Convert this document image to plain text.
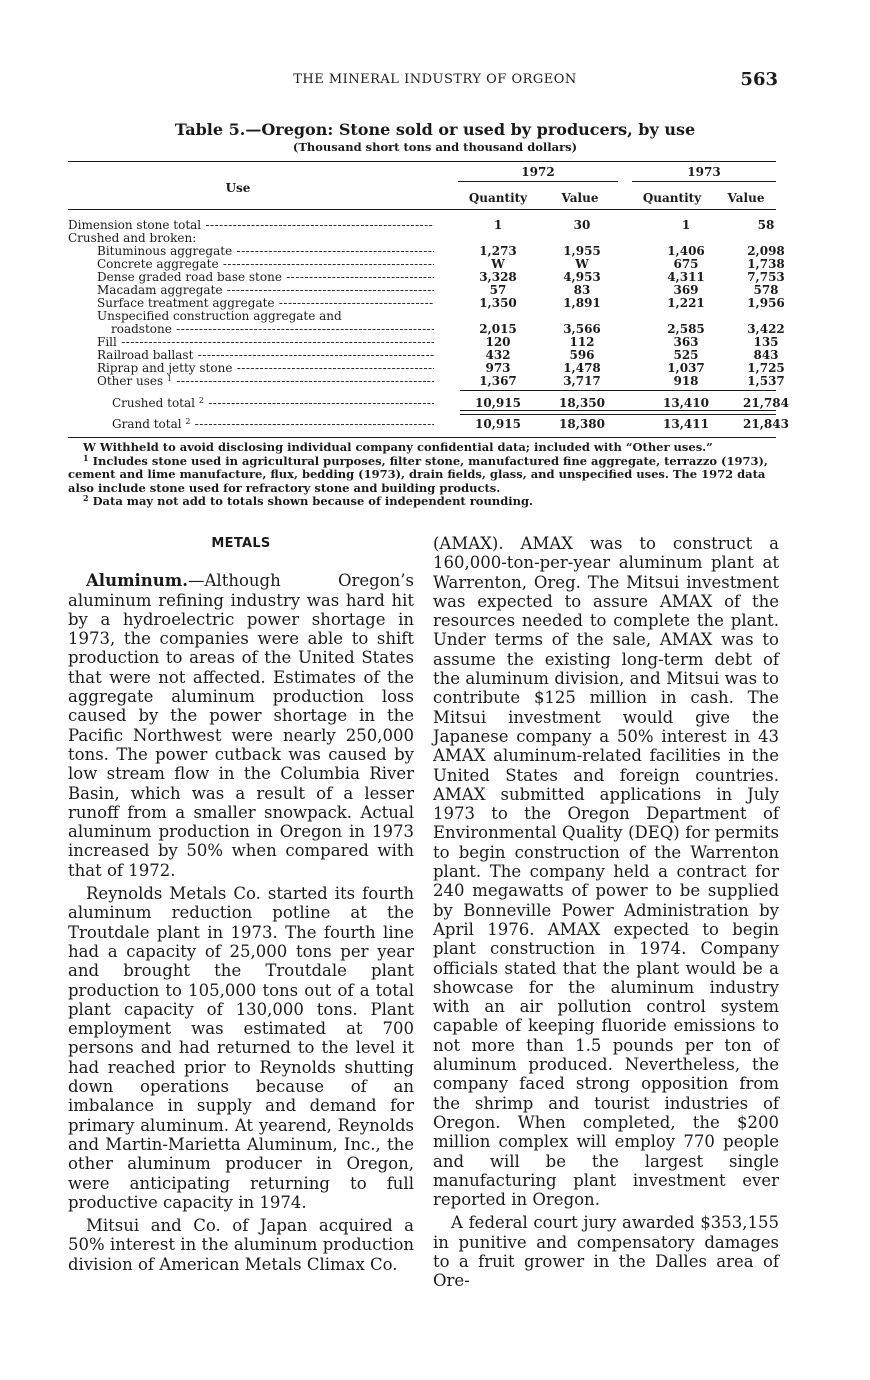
THE MINERAL INDUSTRY OF ORGEON	563
Table 5.—Oregon: Stone sold or used by producers, by use
(Thousand short tons and thousand dollars)
Use
1972	1973
Quantity	Value	Quantity	Value
Dimension stone total -----	1	30	1	58
Crushed and broken:
Bituminous aggregate -----	1,273	1,955	1,406	2,098
Concrete aggregate -----	W	W	675	1,738
Dense graded road base stone -----	3,328	4,953	4,311	7,753
Macadam aggregate -----	57	83	369	578
Surface treatment aggregate -----	1,350	1,891	1,221	1,956
Unspecified construction aggregate and
roadstone -----	2,015	3,566	2,585	3,422
Fill -----	120	112	363	135
Railroad ballast -----	432	596	525	843
Riprap and jetty stone -----	973	1,478	1,037	1,725
Other uses $^1$ -----	1,367	3,717	918	1,537
Crushed total $^2$ -----	10,915	18,350	13,410	21,784
Grand total $^2$ -----	10,915	18,380	13,411	21,843

W Withheld to avoid disclosing individual company confidential data; included with “Other uses.”

$^1$ Includes stone used in agricultural purposes, filter stone, manufactured fine aggregate, terrazzo (1973), cement and lime manufacture, flux, bedding (1973), drain fields, glass, and unspecified uses. The 1972 data also include stone used for refractory stone and building products.

$^2$ Data may not add to totals shown because of independent rounding.

METALS

Aluminum.—Although Oregon’s aluminum refining industry was hard hit by a hydroelectric power shortage in 1973, the companies were able to shift production to areas of the United States that were not affected. Estimates of the aggregate aluminum production loss caused by the power shortage in the Pacific Northwest were nearly 250,000 tons. The power cutback was caused by low stream flow in the Columbia River Basin, which was a result of a lesser runoff from a smaller snowpack. Actual aluminum production in Oregon in 1973 increased by 50% when compared with that of 1972.

Reynolds Metals Co. started its fourth aluminum reduction potline at the Troutdale plant in 1973. The fourth line had a capacity of 25,000 tons per year and brought the Troutdale plant production to 105,000 tons out of a total plant capacity of 130,000 tons. Plant employment was estimated at 700 persons and had returned to the level it had reached prior to Reynolds shutting down operations because of an imbalance in supply and demand for primary aluminum. At yearend, Reynolds and Martin-Marietta Aluminum, Inc., the other aluminum producer in Oregon, were anticipating returning to full productive capacity in 1974.

Mitsui and Co. of Japan acquired a 50% interest in the aluminum production division of American Metals Climax Co.

(AMAX). AMAX was to construct a 160,000-ton-per-year aluminum plant at Warrenton, Oreg. The Mitsui investment was expected to assure AMAX of the resources needed to complete the plant. Under terms of the sale, AMAX was to assume the existing long-term debt of the aluminum division, and Mitsui was to contribute $125 million in cash. The Mitsui investment would give the Japanese company a 50% interest in 43 AMAX aluminum-related facilities in the United States and foreign countries. AMAX submitted applications in July 1973 to the Oregon Department of Environmental Quality (DEQ) for permits to begin construction of the Warrenton plant. The company held a contract for 240 megawatts of power to be supplied by Bonneville Power Administration by April 1976. AMAX expected to begin plant construction in 1974. Company officials stated that the plant would be a showcase for the aluminum industry with an air pollution control system capable of keeping fluoride emissions to not more than 1.5 pounds per ton of aluminum produced. Nevertheless, the company faced strong opposition from the shrimp and tourist industries of Oregon. When completed, the $200 million complex will employ 770 people and will be the largest single manufacturing plant investment ever reported in Oregon.

A federal court jury awarded $353,155 in punitive and compensatory damages to a fruit grower in the Dalles area of Ore-
